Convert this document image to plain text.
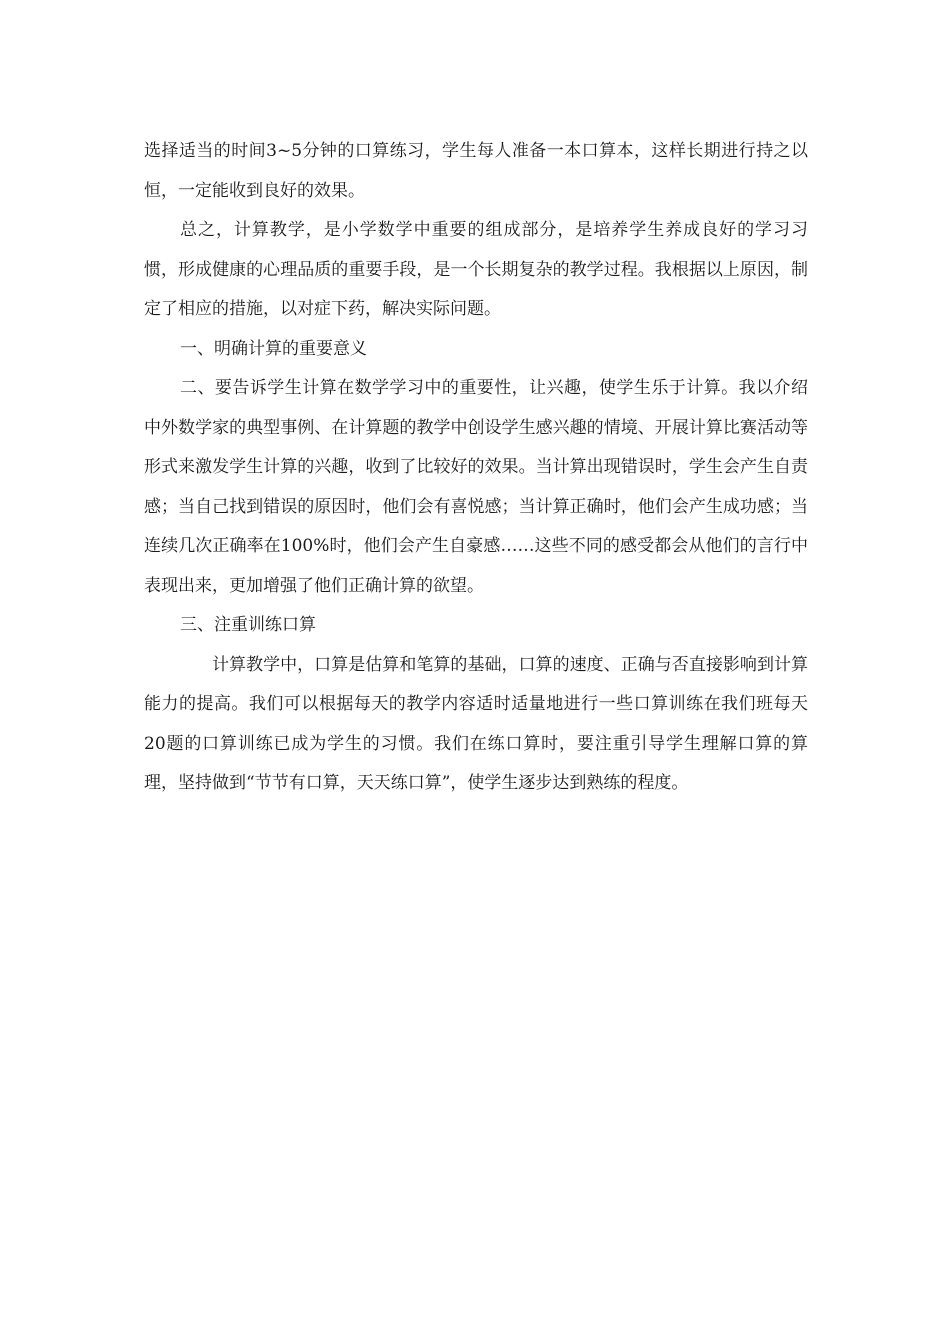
选择适当的时间3~5分钟的口算练习，学生每人准备一本口算本，这样长期进行持之以恒，一定能收到良好的效果。

总之，计算教学，是小学数学中重要的组成部分，是培养学生养成良好的学习习惯，形成健康的心理品质的重要手段，是一个长期复杂的教学过程。我根据以上原因，制定了相应的措施，以对症下药，解决实际问题。

一、明确计算的重要意义

二、要告诉学生计算在数学学习中的重要性，让兴趣，使学生乐于计算。我以介绍中外数学家的典型事例、在计算题的教学中创设学生感兴趣的情境、开展计算比赛活动等形式来激发学生计算的兴趣，收到了比较好的效果。当计算出现错误时，学生会产生自责感；当自己找到错误的原因时，他们会有喜悦感；当计算正确时，他们会产生成功感；当连续几次正确率在100%时，他们会产生自豪感……这些不同的感受都会从他们的言行中表现出来，更加增强了他们正确计算的欲望。

三、注重训练口算

计算教学中，口算是估算和笔算的基础，口算的速度、正确与否直接影响到计算能力的提高。我们可以根据每天的教学内容适时适量地进行一些口算训练在我们班每天20题的口算训练已成为学生的习惯。我们在练口算时，要注重引导学生理解口算的算理，坚持做到“节节有口算，天天练口算”，使学生逐步达到熟练的程度。
